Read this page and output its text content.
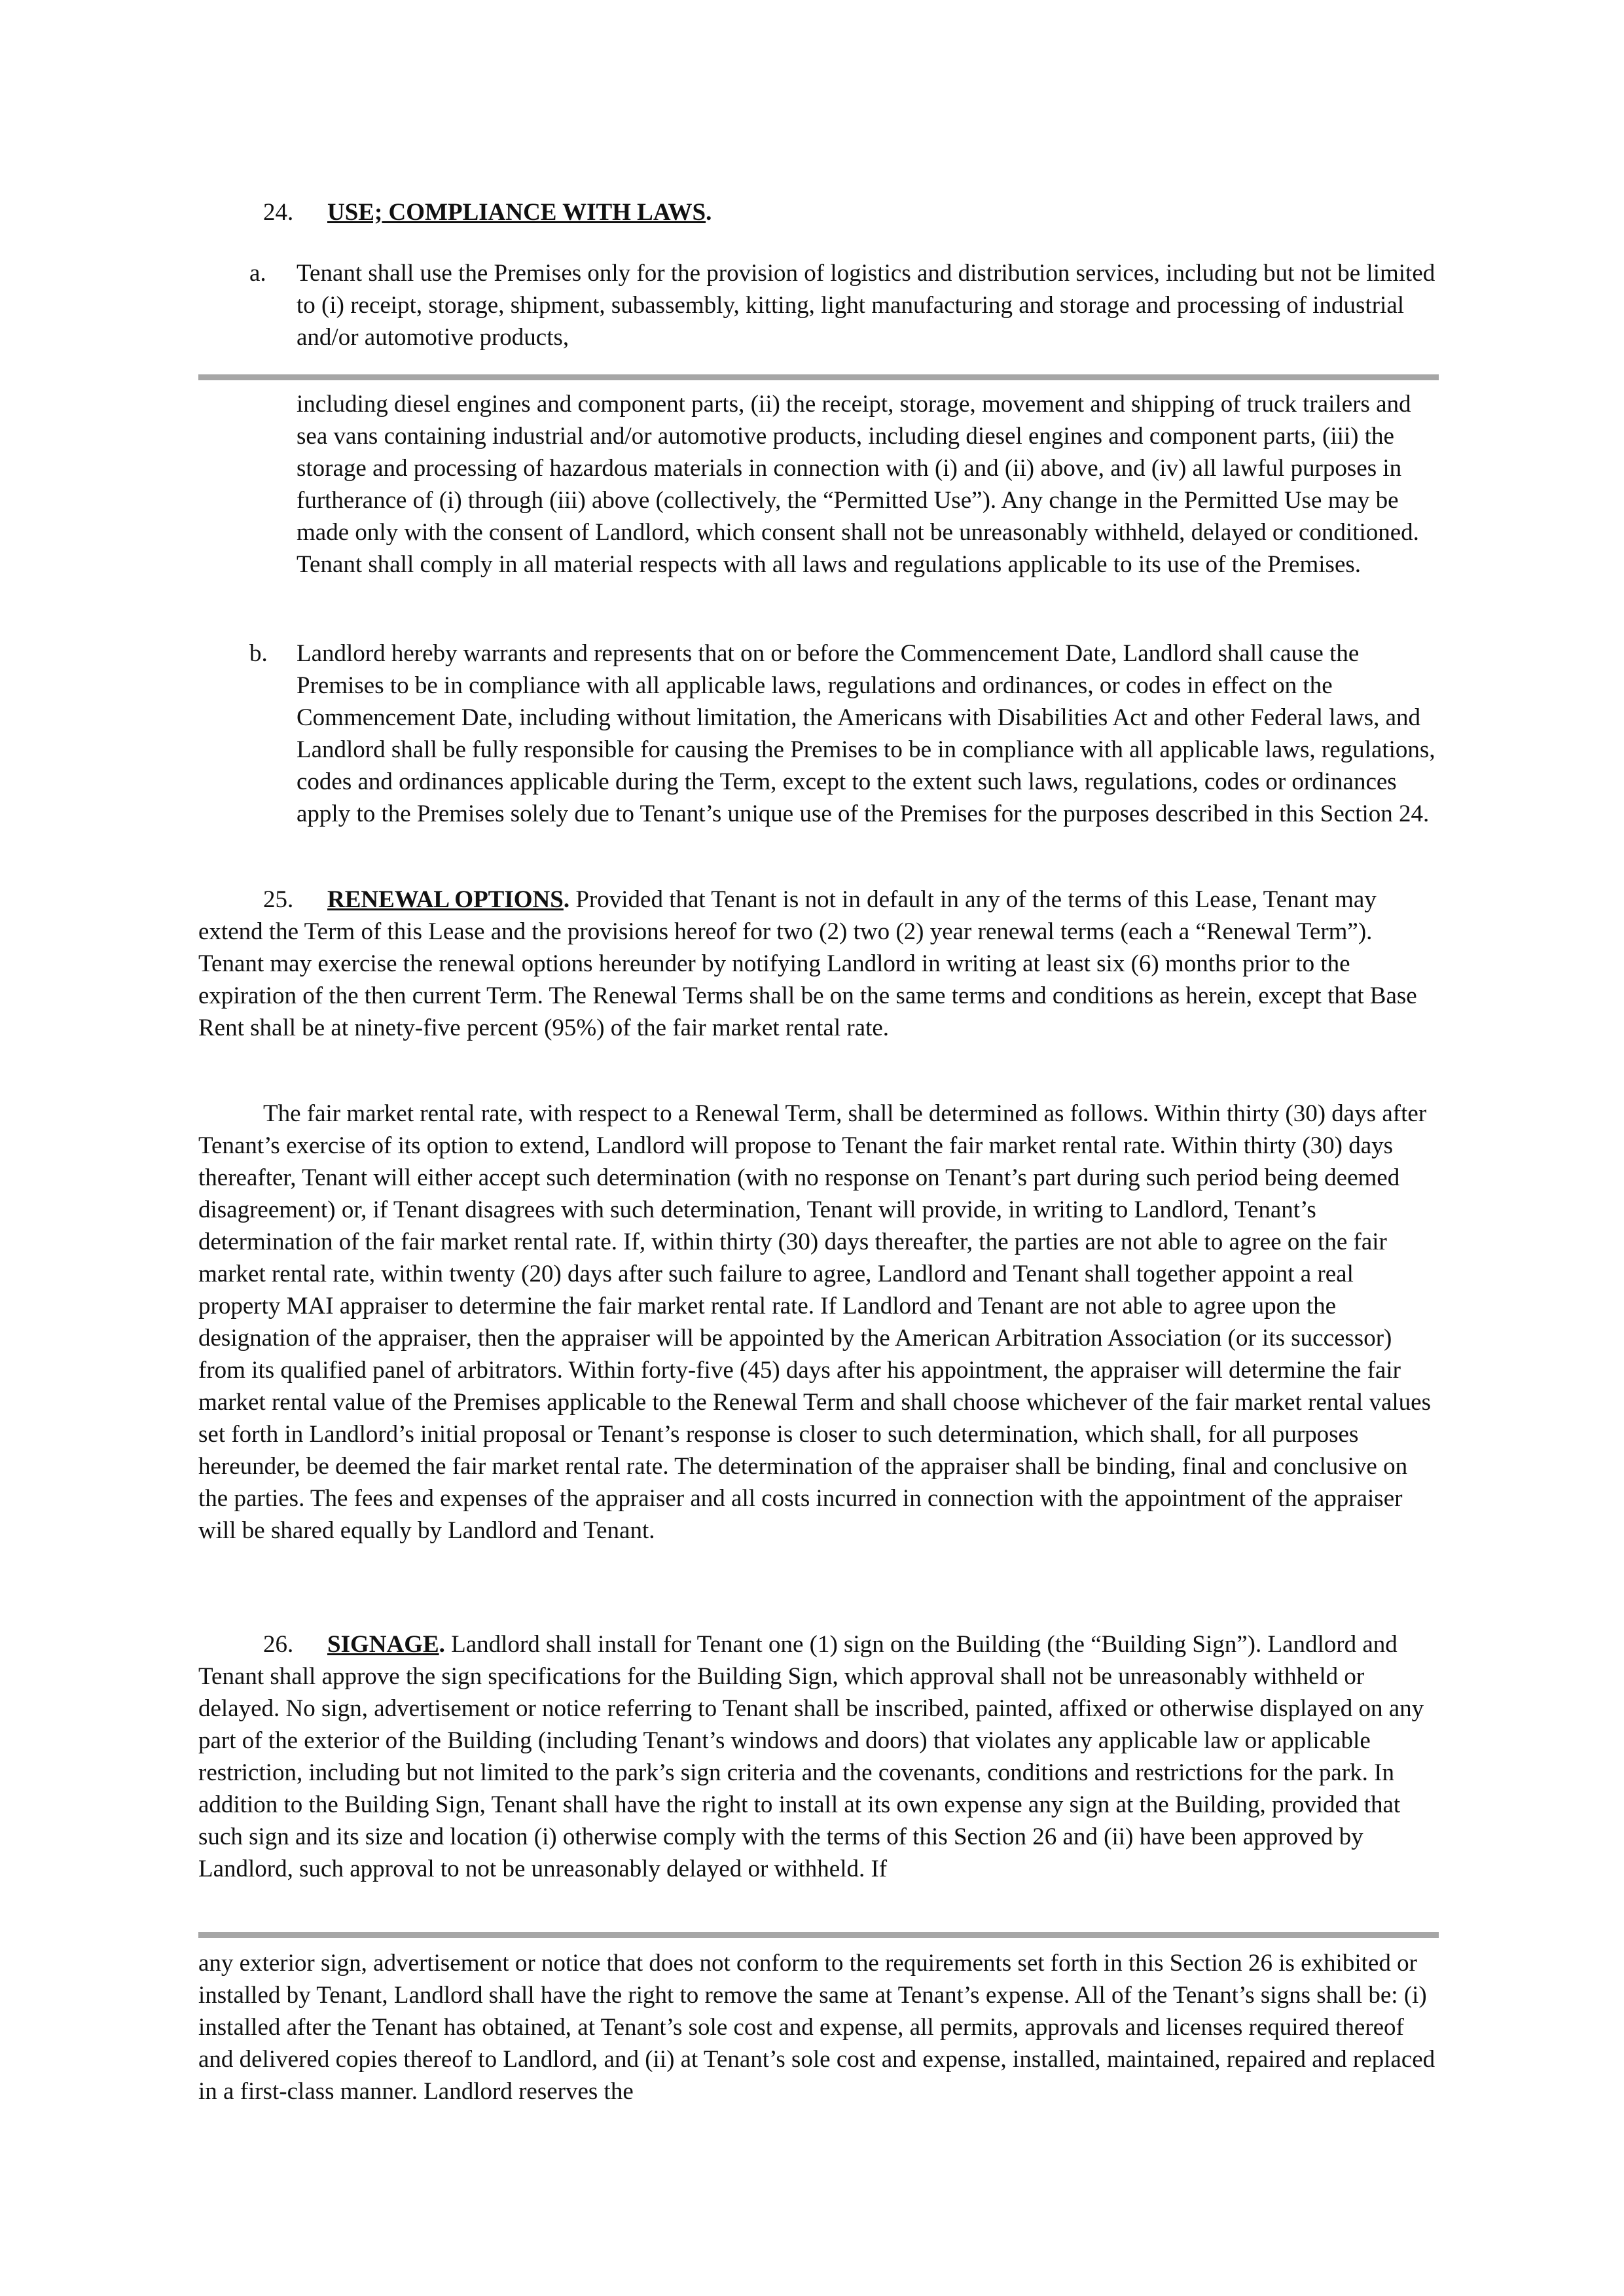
24. USE; COMPLIANCE WITH LAWS.
a. Tenant shall use the Premises only for the provision of logistics and distribution services, including but not be limited to (i) receipt, storage, shipment, subassembly, kitting, light manufacturing and storage and processing of industrial and/or automotive products,
including diesel engines and component parts, (ii) the receipt, storage, movement and shipping of truck trailers and sea vans containing industrial and/or automotive products, including diesel engines and component parts, (iii) the storage and processing of hazardous materials in connection with (i) and (ii) above, and (iv) all lawful purposes in furtherance of (i) through (iii) above (collectively, the “Permitted Use”). Any change in the Permitted Use may be made only with the consent of Landlord, which consent shall not be unreasonably withheld, delayed or conditioned. Tenant shall comply in all material respects with all laws and regulations applicable to its use of the Premises.
b. Landlord hereby warrants and represents that on or before the Commencement Date, Landlord shall cause the Premises to be in compliance with all applicable laws, regulations and ordinances, or codes in effect on the Commencement Date, including without limitation, the Americans with Disabilities Act and other Federal laws, and Landlord shall be fully responsible for causing the Premises to be in compliance with all applicable laws, regulations, codes and ordinances applicable during the Term, except to the extent such laws, regulations, codes or ordinances apply to the Premises solely due to Tenant’s unique use of the Premises for the purposes described in this Section 24.
25. RENEWAL OPTIONS. Provided that Tenant is not in default in any of the terms of this Lease, Tenant may extend the Term of this Lease and the provisions hereof for two (2) two (2) year renewal terms (each a “Renewal Term”). Tenant may exercise the renewal options hereunder by notifying Landlord in writing at least six (6) months prior to the expiration of the then current Term. The Renewal Terms shall be on the same terms and conditions as herein, except that Base Rent shall be at ninety-five percent (95%) of the fair market rental rate.
The fair market rental rate, with respect to a Renewal Term, shall be determined as follows. Within thirty (30) days after Tenant’s exercise of its option to extend, Landlord will propose to Tenant the fair market rental rate. Within thirty (30) days thereafter, Tenant will either accept such determination (with no response on Tenant’s part during such period being deemed disagreement) or, if Tenant disagrees with such determination, Tenant will provide, in writing to Landlord, Tenant’s determination of the fair market rental rate. If, within thirty (30) days thereafter, the parties are not able to agree on the fair market rental rate, within twenty (20) days after such failure to agree, Landlord and Tenant shall together appoint a real property MAI appraiser to determine the fair market rental rate. If Landlord and Tenant are not able to agree upon the designation of the appraiser, then the appraiser will be appointed by the American Arbitration Association (or its successor) from its qualified panel of arbitrators. Within forty-five (45) days after his appointment, the appraiser will determine the fair market rental value of the Premises applicable to the Renewal Term and shall choose whichever of the fair market rental values set forth in Landlord’s initial proposal or Tenant’s response is closer to such determination, which shall, for all purposes hereunder, be deemed the fair market rental rate. The determination of the appraiser shall be binding, final and conclusive on the parties. The fees and expenses of the appraiser and all costs incurred in connection with the appointment of the appraiser will be shared equally by Landlord and Tenant.
26. SIGNAGE. Landlord shall install for Tenant one (1) sign on the Building (the “Building Sign”). Landlord and Tenant shall approve the sign specifications for the Building Sign, which approval shall not be unreasonably withheld or delayed. No sign, advertisement or notice referring to Tenant shall be inscribed, painted, affixed or otherwise displayed on any part of the exterior of the Building (including Tenant’s windows and doors) that violates any applicable law or applicable restriction, including but not limited to the park’s sign criteria and the covenants, conditions and restrictions for the park. In addition to the Building Sign, Tenant shall have the right to install at its own expense any sign at the Building, provided that such sign and its size and location (i) otherwise comply with the terms of this Section 26 and (ii) have been approved by Landlord, such approval to not be unreasonably delayed or withheld. If
any exterior sign, advertisement or notice that does not conform to the requirements set forth in this Section 26 is exhibited or installed by Tenant, Landlord shall have the right to remove the same at Tenant’s expense. All of the Tenant’s signs shall be: (i) installed after the Tenant has obtained, at Tenant’s sole cost and expense, all permits, approvals and licenses required thereof and delivered copies thereof to Landlord, and (ii) at Tenant’s sole cost and expense, installed, maintained, repaired and replaced in a first-class manner. Landlord reserves the
